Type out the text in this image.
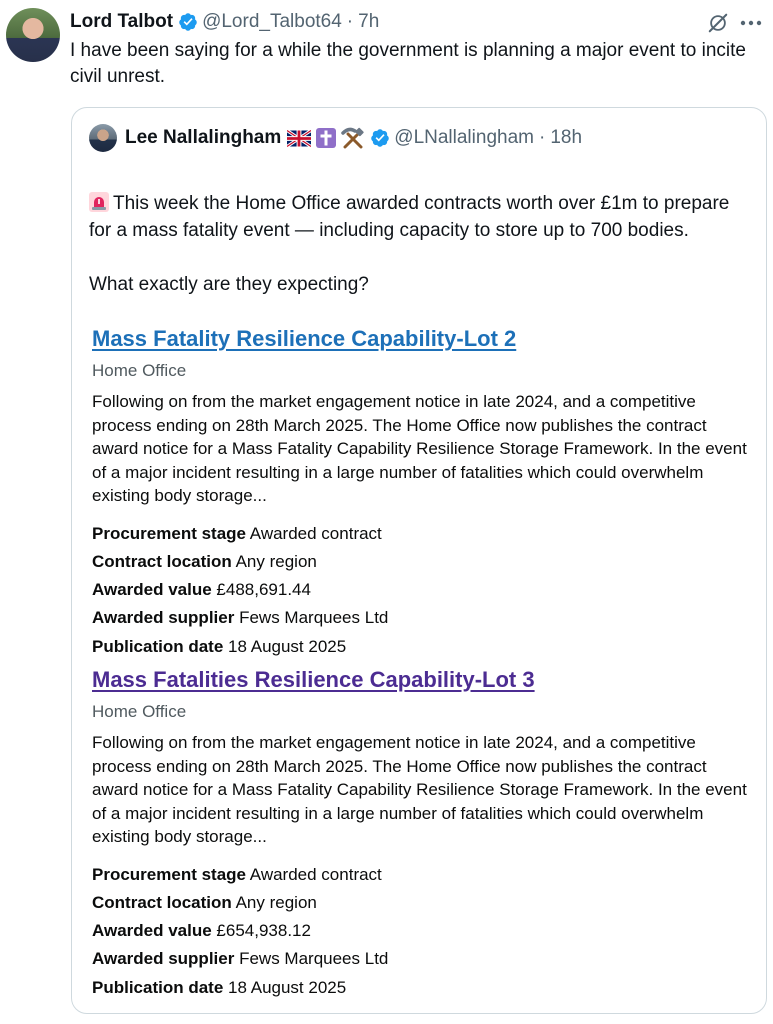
Lord Talbot @Lord_Talbot64 · 7h
I have been saying for a while the government is planning a major event to incite civil unrest.
Lee Nallalingham	@LNallalingham · 18h

This week the Home Office awarded contracts worth over £1m to prepare for a mass fatality event — including capacity to store up to 700 bodies.

What exactly are they expecting?

Mass Fatality Resilience Capability-Lot 2
Home Office
Following on from the market engagement notice in late 2024, and a competitive process ending on 28th March 2025. The Home Office now publishes the contract award notice for a Mass Fatality Capability Resilience Storage Framework. In the event of a major incident resulting in a large number of fatalities which could overwhelm existing body storage...
Procurement stage Awarded contract
Contract location Any region
Awarded value £488,691.44
Awarded supplier Fews Marquees Ltd
Publication date 18 August 2025
Mass Fatalities Resilience Capability-Lot 3
Home Office
Following on from the market engagement notice in late 2024, and a competitive process ending on 28th March 2025. The Home Office now publishes the contract award notice for a Mass Fatality Capability Resilience Storage Framework. In the event of a major incident resulting in a large number of fatalities which could overwhelm existing body storage...
Procurement stage Awarded contract
Contract location Any region
Awarded value £654,938.12
Awarded supplier Fews Marquees Ltd
Publication date 18 August 2025
